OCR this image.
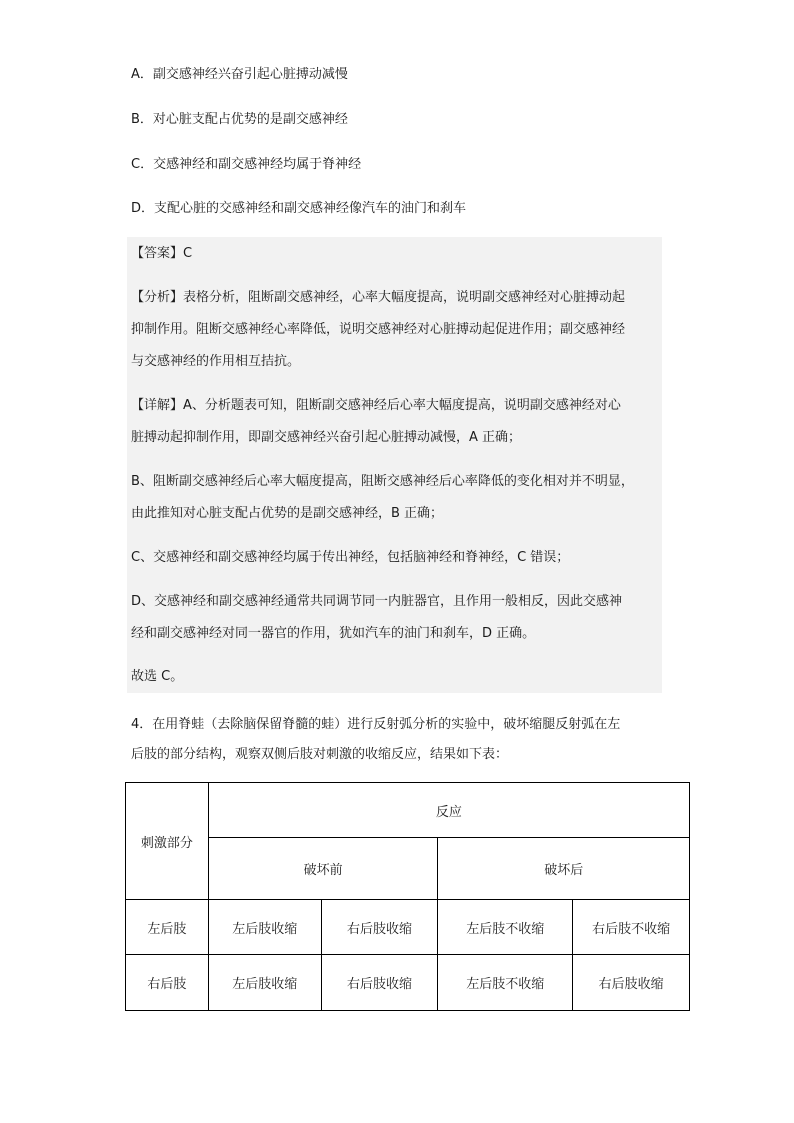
A．副交感神经兴奋引起心脏搏动减慢
B．对心脏支配占优势的是副交感神经
C．交感神经和副交感神经均属于脊神经
D．支配心脏的交感神经和副交感神经像汽车的油门和刹车
【答案】C
【分析】表格分析，阻断副交感神经，心率大幅度提高，说明副交感神经对心脏搏动起
抑制作用。阻断交感神经心率降低，说明交感神经对心脏搏动起促进作用；副交感神经
与交感神经的作用相互拮抗。
【详解】A、分析题表可知，阻断副交感神经后心率大幅度提高，说明副交感神经对心
脏搏动起抑制作用，即副交感神经兴奋引起心脏搏动减慢，A 正确；
B、阻断副交感神经后心率大幅度提高，阻断交感神经后心率降低的变化相对并不明显，
由此推知对心脏支配占优势的是副交感神经，B 正确；
C、交感神经和副交感神经均属于传出神经，包括脑神经和脊神经，C 错误；
D、交感神经和副交感神经通常共同调节同一内脏器官，且作用一般相反，因此交感神
经和副交感神经对同一器官的作用，犹如汽车的油门和刹车，D 正确。
故选 C。
4．在用脊蛙（去除脑保留脊髓的蛙）进行反射弧分析的实验中，破坏缩腿反射弧在左
后肢的部分结构，观察双侧后肢对刺激的收缩反应，结果如下表：
刺激部分	反应			
	破坏前		破坏后	
左后肢	左后肢收缩	右后肢收缩	左后肢不收缩	右后肢不收缩
右后肢	左后肢收缩	右后肢收缩	左后肢不收缩	右后肢收缩
